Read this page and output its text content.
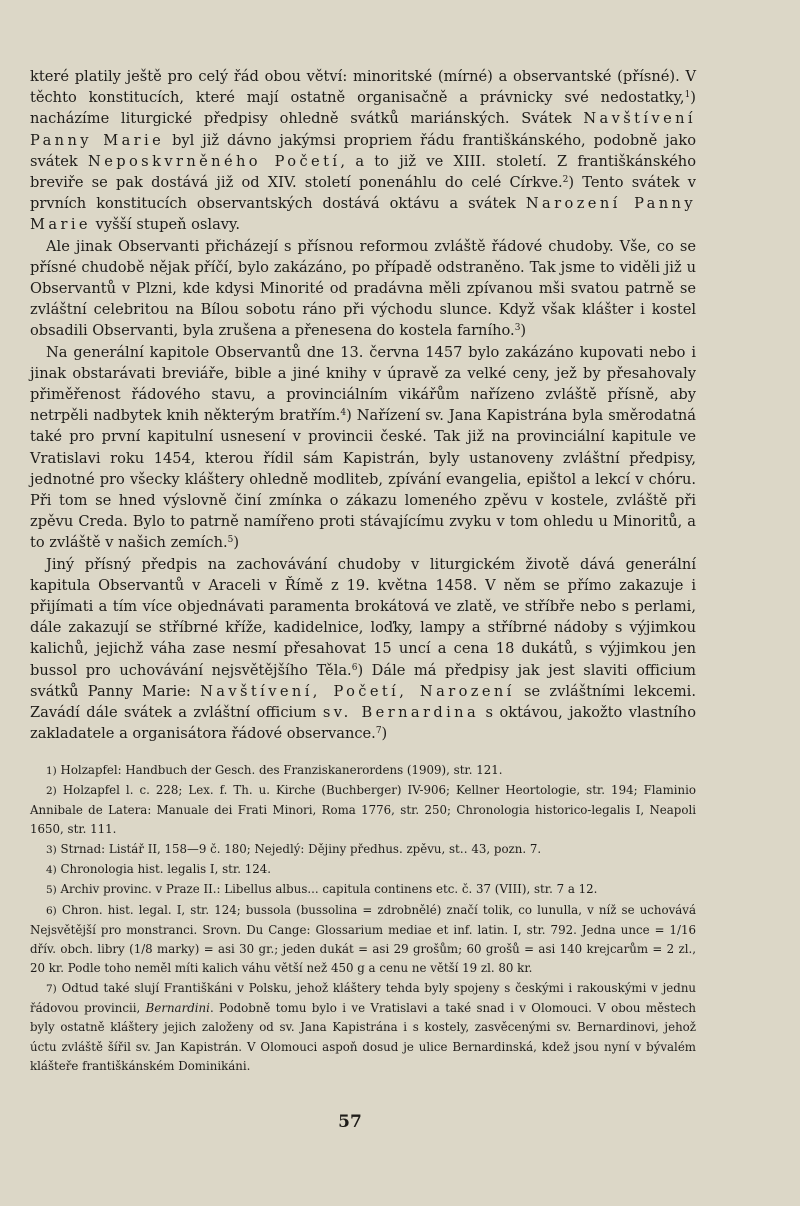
které platily ještě pro celý řád obou větví: minoritské (mírné) a observantské (přísné). V těchto konstitucích, které mají ostatně organisačně a právnicky své nedostatky,$^1$) nacházíme liturgické předpisy ohledně svátků mariánských. Svátek Navštívení Panny Marie byl již dávno jakýmsi propriem řádu františkánského, podobně jako svátek Neposkvrněného Početí, a to již ve XIII. století. Z františkánského breviře se pak dostává již od XIV. století ponenáhlu do celé Církve.$^2$) Tento svátek v prvních konstitucích observantských dostává oktávu a svátek Narození Panny Marie vyšší stupeň oslavy.

Ale jinak Observanti přicházejí s přísnou reformou zvláště řádové chudoby. Vše, co se přísné chudobě nějak příčí, bylo zakázáno, po případě odstraněno. Tak jsme to viděli již u Observantů v Plzni, kde kdysi Minorité od pradávna měli zpívanou mši svatou patrně se zvláštní celebritou na Bílou sobotu ráno při východu slunce. Když však klášter i kostel obsadili Observanti, byla zrušena a přenesena do kostela farního.$^3$)

Na generální kapitole Observantů dne 13. června 1457 bylo zakázáno kupovati nebo i jinak obstarávati breviáře, bible a jiné knihy v úpravě za velké ceny, jež by přesahovaly přiměřenost řádového stavu, a provinciálním vikářům nařízeno zvláště přísně, aby netrpěli nadbytek knih některým bratřím.$^4$) Nařízení sv. Jana Kapistrána byla směrodatná také pro první kapitulní usnesení v provincii české. Tak již na provinciální kapitule ve Vratislavi roku 1454, kterou řídil sám Kapistrán, byly ustanoveny zvláštní předpisy, jednotné pro všecky kláštery ohledně modliteb, zpívání evangelia, epištol a lekcí v chóru. Při tom se hned výslovně činí zmínka o zákazu lomeného zpěvu v kostele, zvláště při zpěvu Creda. Bylo to patrně namířeno proti stávajícímu zvyku v tom ohledu u Minoritů, a to zvláště v našich zemích.$^5$)

Jiný přísný předpis na zachovávání chudoby v liturgickém životě dává generální kapitula Observantů v Araceli v Římě z 19. května 1458. V něm se přímo zakazuje i přijímati a tím více objednávati paramenta brokátová ve zlatě, ve stříbře nebo s perlami, dále zakazují se stříbrné kříže, kadidelnice, loďky, lampy a stříbrné nádoby s výjimkou kalichů, jejichž váha zase nesmí přesahovat 15 uncí a cena 18 dukátů, s výjimkou jen bussol pro uchovávání nejsvětějšího Těla.$^6$) Dále má předpisy jak jest slaviti officium svátků Panny Marie: Navštívení, Početí, Narození se zvláštními lekcemi. Zavádí dále svátek a zvláštní officium sv. Bernardina s oktávou, jakožto vlastního zakladatele a organisátora řádové observance.$^7$)

1) Holzapfel: Handbuch der Gesch. des Franziskanerordens (1909), str. 121.

2) Holzapfel l. c. 228; Lex. f. Th. u. Kirche (Buchberger) IV-906; Kellner Heortologie, str. 194; Flaminio Annibale de Latera: Manuale dei Frati Minori, Roma 1776, str. 250; Chronologia historico-legalis I, Neapoli 1650, str. 111.

3) Strnad: Listář II, 158—9 č. 180; Nejedlý: Dějiny předhus. zpěvu, st‥ 43, pozn. 7.

4) Chronologia hist. legalis I, str. 124.

5) Archiv provinc. v Praze II.: Libellus albus... capitula continens etc. č. 37 (VIII), str. 7 a 12.

6) Chron. hist. legal. I, str. 124; bussola (bussolina = zdrobnělé) značí tolik, co lunulla, v níž se uchovává Nejsvětější pro monstranci. Srovn. Du Cange: Glossarium mediae et inf. latin. I, str. 792. Jedna unce = 1/16 dřív. obch. libry (1/8 marky) = asi 30 gr.; jeden dukát = asi 29 grošům; 60 grošů = asi 140 krejcarům = 2 zl., 20 kr. Podle toho neměl míti kalich váhu větší než 450 g a cenu ne větší 19 zl. 80 kr.

7) Odtud také slují Františkáni v Polsku, jehož kláštery tehda byly spojeny s českými i rakouskými v jednu řádovou provincii, Bernardini. Podobně tomu bylo i ve Vratislavi a také snad i v Olomouci. V obou městech byly ostatně kláštery jejich založeny od sv. Jana Kapistrána i s kostely, zasvěcenými sv. Bernardinovi, jehož úctu zvláště šířil sv. Jan Kapistrán. V Olomouci aspoň dosud je ulice Bernardinská, kdež jsou nyní v bývalém klášteře františkánském Dominikáni.

57
